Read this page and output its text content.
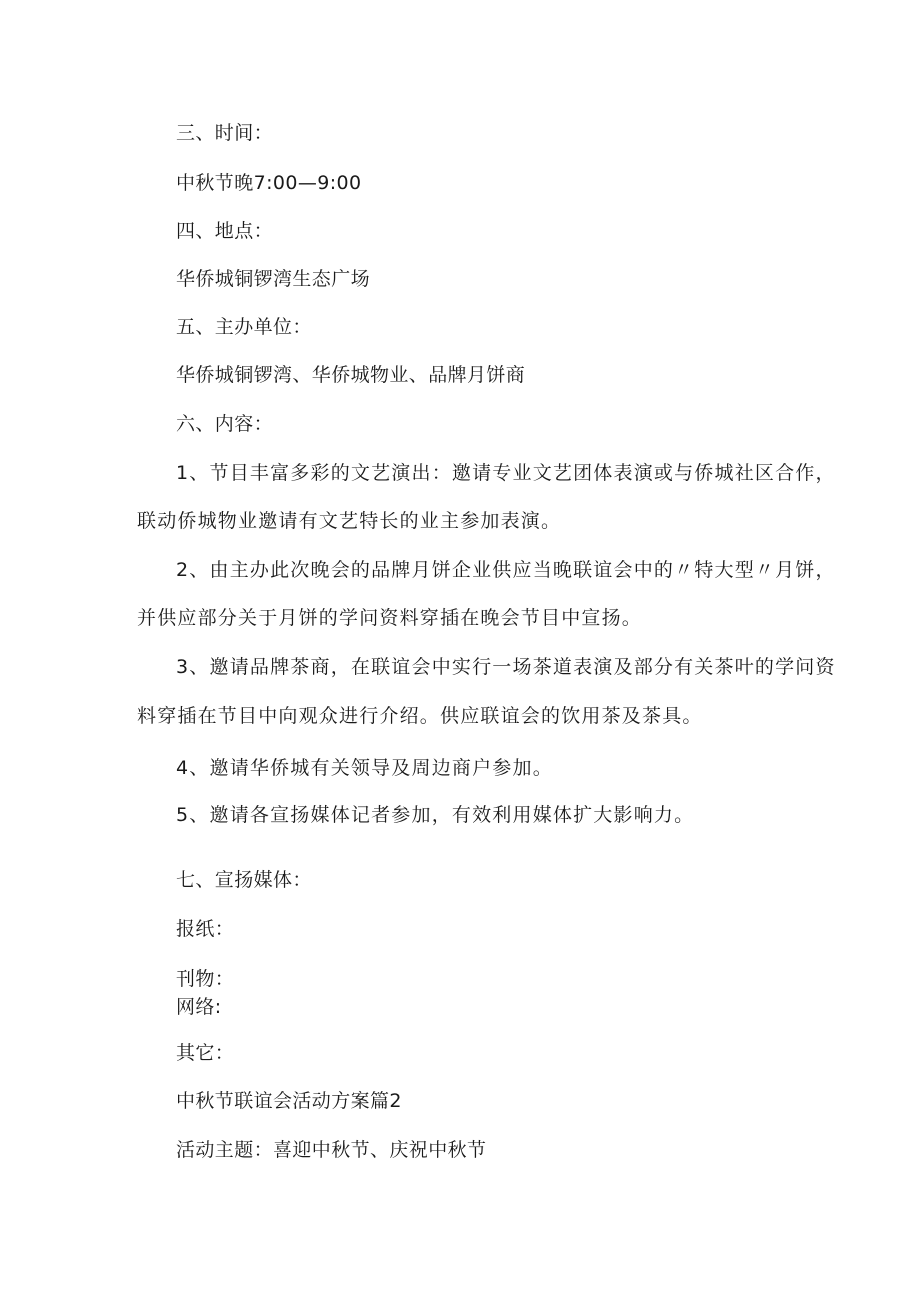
三、时间：
中秋节晚7:00—9:00
四、地点：
华侨城铜锣湾生态广场
五、主办单位：
华侨城铜锣湾、华侨城物业、品牌月饼商
六、内容：
1、节目丰富多彩的文艺演出：邀请专业文艺团体表演或与侨城社区合作，
联动侨城物业邀请有文艺特长的业主参加表演。
2、由主办此次晚会的品牌月饼企业供应当晚联谊会中的〃特大型〃月饼，
并供应部分关于月饼的学问资料穿插在晚会节目中宣扬。
3、邀请品牌茶商，在联谊会中实行一场茶道表演及部分有关茶叶的学问资
料穿插在节目中向观众进行介绍。供应联谊会的饮用茶及茶具。
4、邀请华侨城有关领导及周边商户参加。
5、邀请各宣扬媒体记者参加，有效利用媒体扩大影响力。
七、宣扬媒体：
报纸：
刊物：
网络:
其它：
中秋节联谊会活动方案篇2
活动主题：喜迎中秋节、庆祝中秋节
